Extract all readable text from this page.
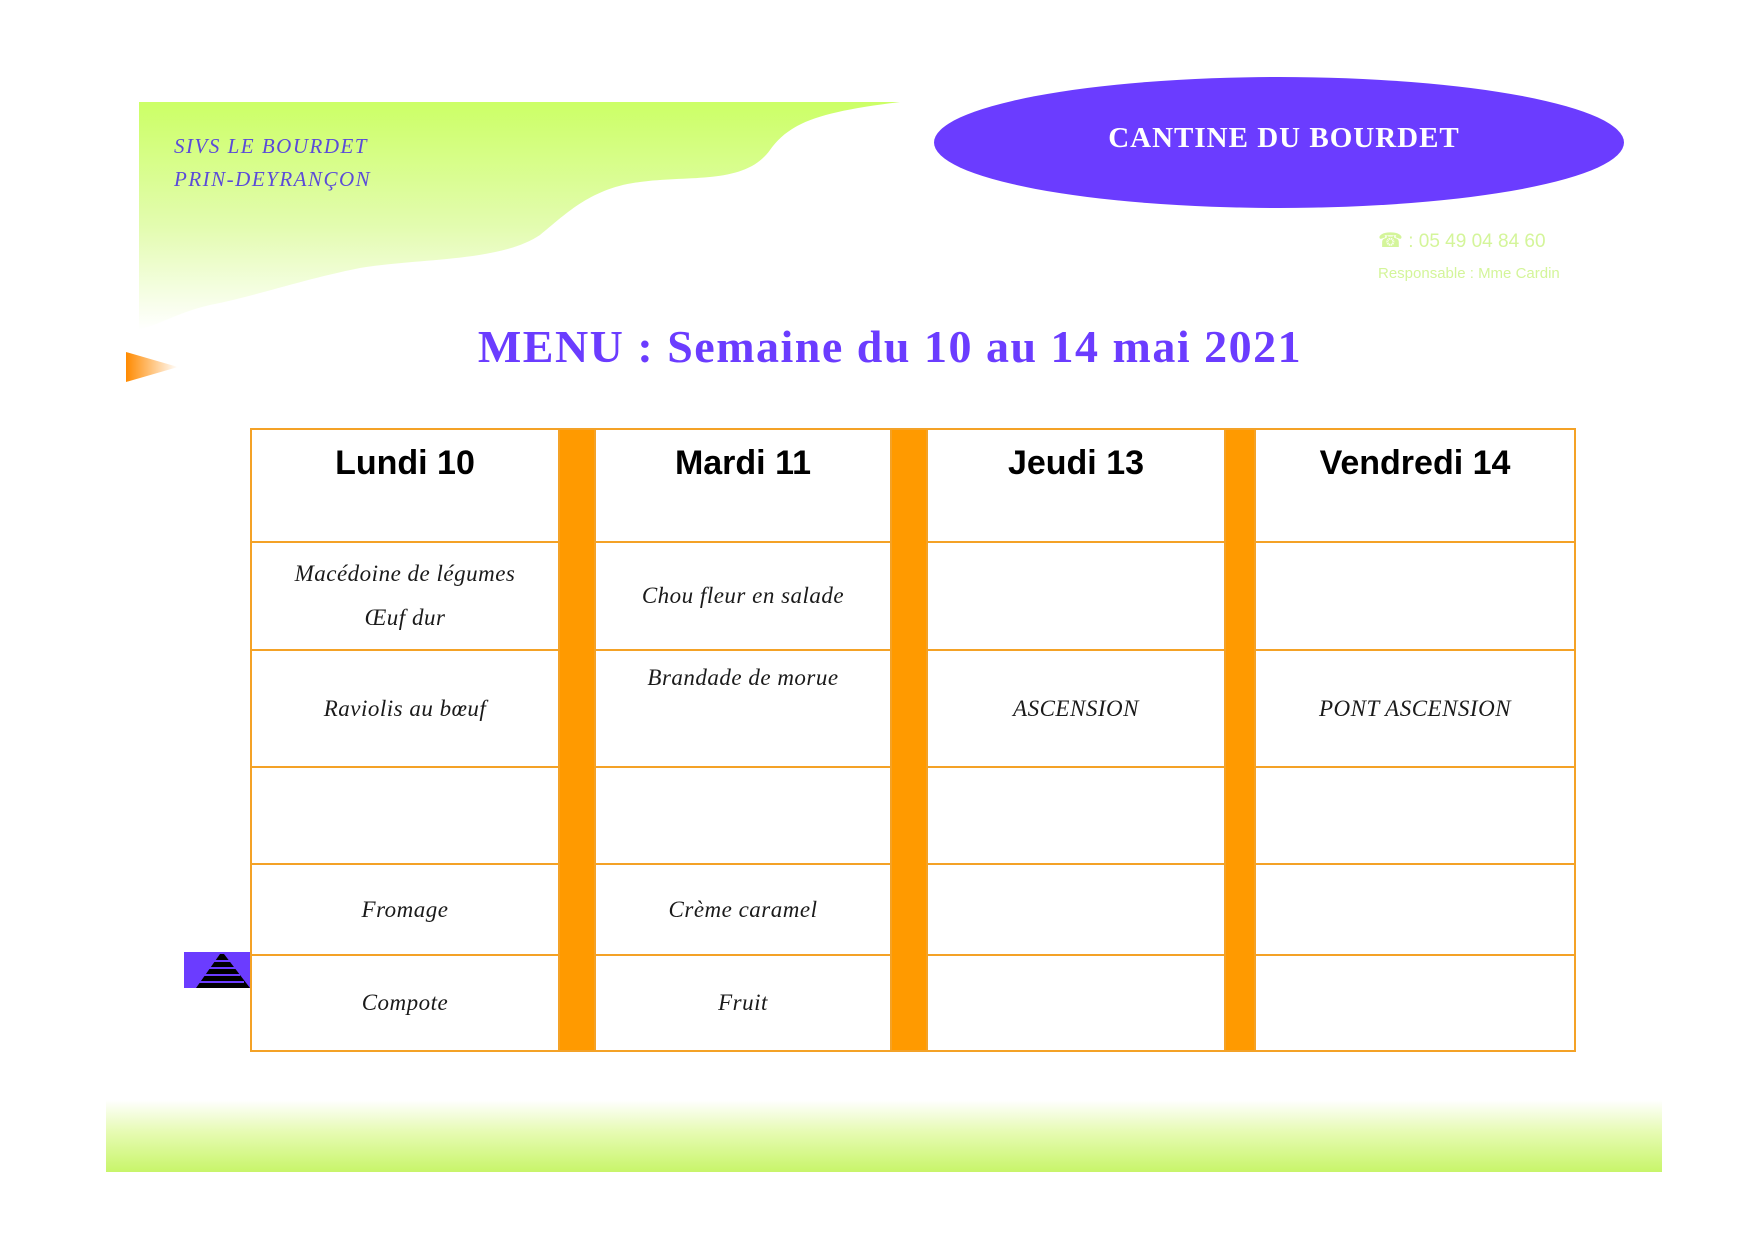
SIVS LE BOURDET
PRIN-DEYRANÇON
CANTINE DU BOURDET
☎ : 05 49 04 84 60
Responsable : Mme Cardin
MENU : Semaine du 10 au 14 mai 2021
Lundi 10		Mardi 11		Jeudi 13		Vendredi 14

Macédoine de légumes
Œuf dur		Chou fleur en salade				
Raviolis au bœuf		Brandade de morue		ASCENSION		PONT ASCENSION

Fromage		Crème caramel				
Compote		Fruit				
